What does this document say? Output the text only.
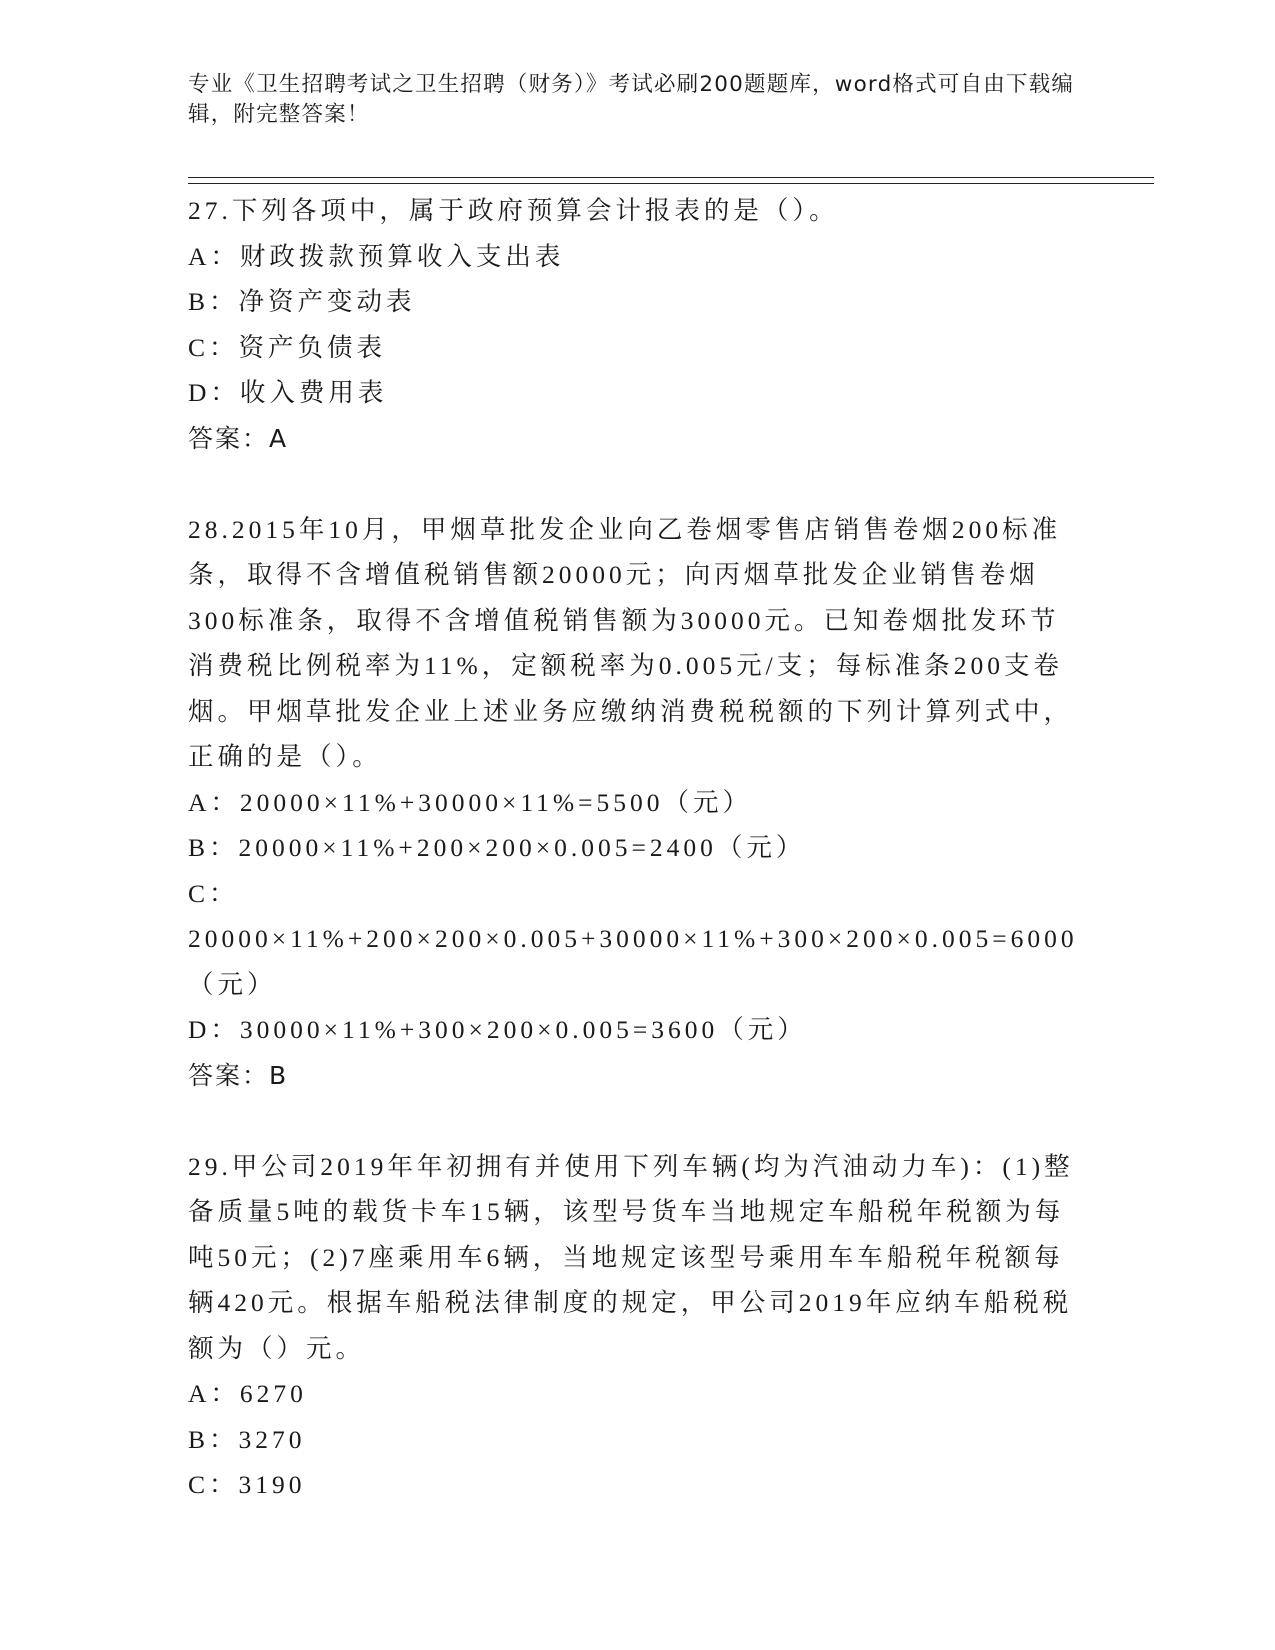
专业《卫生招聘考试之卫生招聘（财务）》考试必刷200题题库，word格式可自由下载编辑，附完整答案！

27.下列各项中，属于政府预算会计报表的是（）。

A：财政拨款预算收入支出表

B：净资产变动表

C：资产负债表

D：收入费用表

答案：A

28.2015年10月，甲烟草批发企业向乙卷烟零售店销售卷烟200标准条，取得不含增值税销售额20000元；向丙烟草批发企业销售卷烟300标准条，取得不含增值税销售额为30000元。已知卷烟批发环节消费税比例税率为11%，定额税率为0.005元/支；每标准条200支卷烟。甲烟草批发企业上述业务应缴纳消费税税额的下列计算列式中，正确的是（）。

A：20000×11%+30000×11%=5500（元）

B：20000×11%+200×200×0.005=2400（元）

C：20000×11%+200×200×0.005+30000×11%+300×200×0.005=6000（元）

D：30000×11%+300×200×0.005=3600（元）

答案：B

29.甲公司2019年年初拥有并使用下列车辆(均为汽油动力车)：(1)整备质量5吨的载货卡车15辆，该型号货车当地规定车船税年税额为每吨50元；(2)7座乘用车6辆，当地规定该型号乘用车车船税年税额每辆420元。根据车船税法律制度的规定，甲公司2019年应纳车船税税额为（）元。

A：6270

B：3270

C：3190
